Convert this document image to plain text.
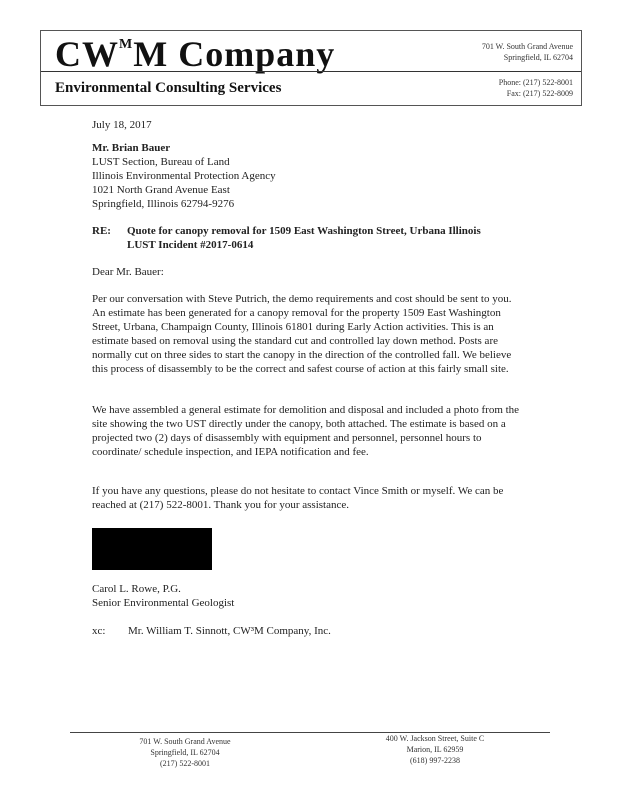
$CW^MM$ Company
Environmental Consulting Services
701 W. South Grand Avenue
Springfield, IL 62704
Phone: (217) 522-8001
Fax: (217) 522-8009
July 18, 2017
Mr. Brian Bauer
LUST Section, Bureau of Land
Illinois Environmental Protection Agency
1021 North Grand Avenue East
Springfield, Illinois 62794-9276
RE: Quote for canopy removal for 1509 East Washington Street, Urbana Illinois
LUST Incident #2017-0614
Dear Mr. Bauer:

Per our conversation with Steve Putrich, the demo requirements and cost should be sent to you. An estimate has been generated for a canopy removal for the property 1509 East Washington Street, Urbana, Champaign County, Illinois 61801 during Early Action activities. This is an estimate based on removal using the standard cut and controlled lay down method. Posts are normally cut on three sides to start the canopy in the direction of the controlled fall. We believe this process of disassembly to be the correct and safest course of action at this fairly small site.

We have assembled a general estimate for demolition and disposal and included a photo from the site showing the two UST directly under the canopy, both attached. The estimate is based on a projected two (2) days of disassembly with equipment and personnel, personnel hours to coordinate/ schedule inspection, and IEPA notification and fee.

If you have any questions, please do not hesitate to contact Vince Smith or myself. We can be reached at (217) 522-8001. Thank you for your assistance.

Carol L. Rowe, P.G.
Senior Environmental Geologist
xc: Mr. William T. Sinnott, CW³M Company, Inc.
701 W. South Grand Avenue
Springfield, IL 62704
(217) 522-8001
400 W. Jackson Street, Suite C
Marion, IL 62959
(618) 997-2238
